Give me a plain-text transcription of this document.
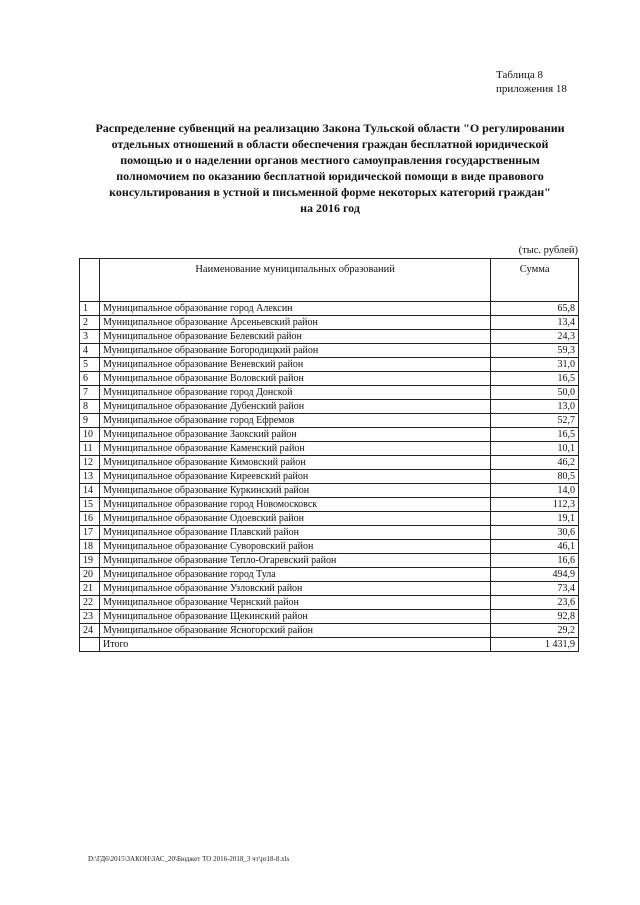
Таблица 8
приложения 18
Распределение субвенций на реализацию Закона Тульской области "О регулировании
отдельных отношений в области обеспечения граждан бесплатной юридической
помощью и о наделении органов местного самоуправления государственным
полномочием по оказанию бесплатной юридической помощи в виде правового
консультирования в устной и письменной форме некоторых категорий граждан"
на 2016 год
(тыс. рублей)
	Наименование муниципальных образований	Сумма
1	Муниципальное образование город Алексин	65,8
2	Муниципальное образование Арсеньевский район	13,4
3	Муниципальное образование Белевский район	24,3
4	Муниципальное образование Богородицкий район	59,3
5	Муниципальное образование Веневский район	31,0
6	Муниципальное образование Воловский район	16,5
7	Муниципальное образование город Донской	50,0
8	Муниципальное образование Дубенский район	13,0
9	Муниципальное образование город Ефремов	52,7
10	Муниципальное образование Заокский район	16,5
11	Муниципальное образование Каменский район	10,1
12	Муниципальное образование Кимовский район	46,2
13	Муниципальное образование Киреевский район	80,5
14	Муниципальное образование Куркинский район	14,0
15	Муниципальное образование город Новомосковск	112,3
16	Муниципальное образование Одоевский район	19,1
17	Муниципальное образование Плавский район	30,6
18	Муниципальное образование Суворовский район	46,1
19	Муниципальное образование Тепло-Огаревский район	16,6
20	Муниципальное образование город Тула	494,9
21	Муниципальное образование Узловский район	73,4
22	Муниципальное образование Чернский район	23,6
23	Муниципальное образование Щекинский район	92,8
24	Муниципальное образование Ясногорский район	29,2
	Итого	1 431,9
D:\ГД6\2015\ЗАКОН\ЗАС_20\Бюджет ТО 2016-2018_3 чт\pr18-8.xls
